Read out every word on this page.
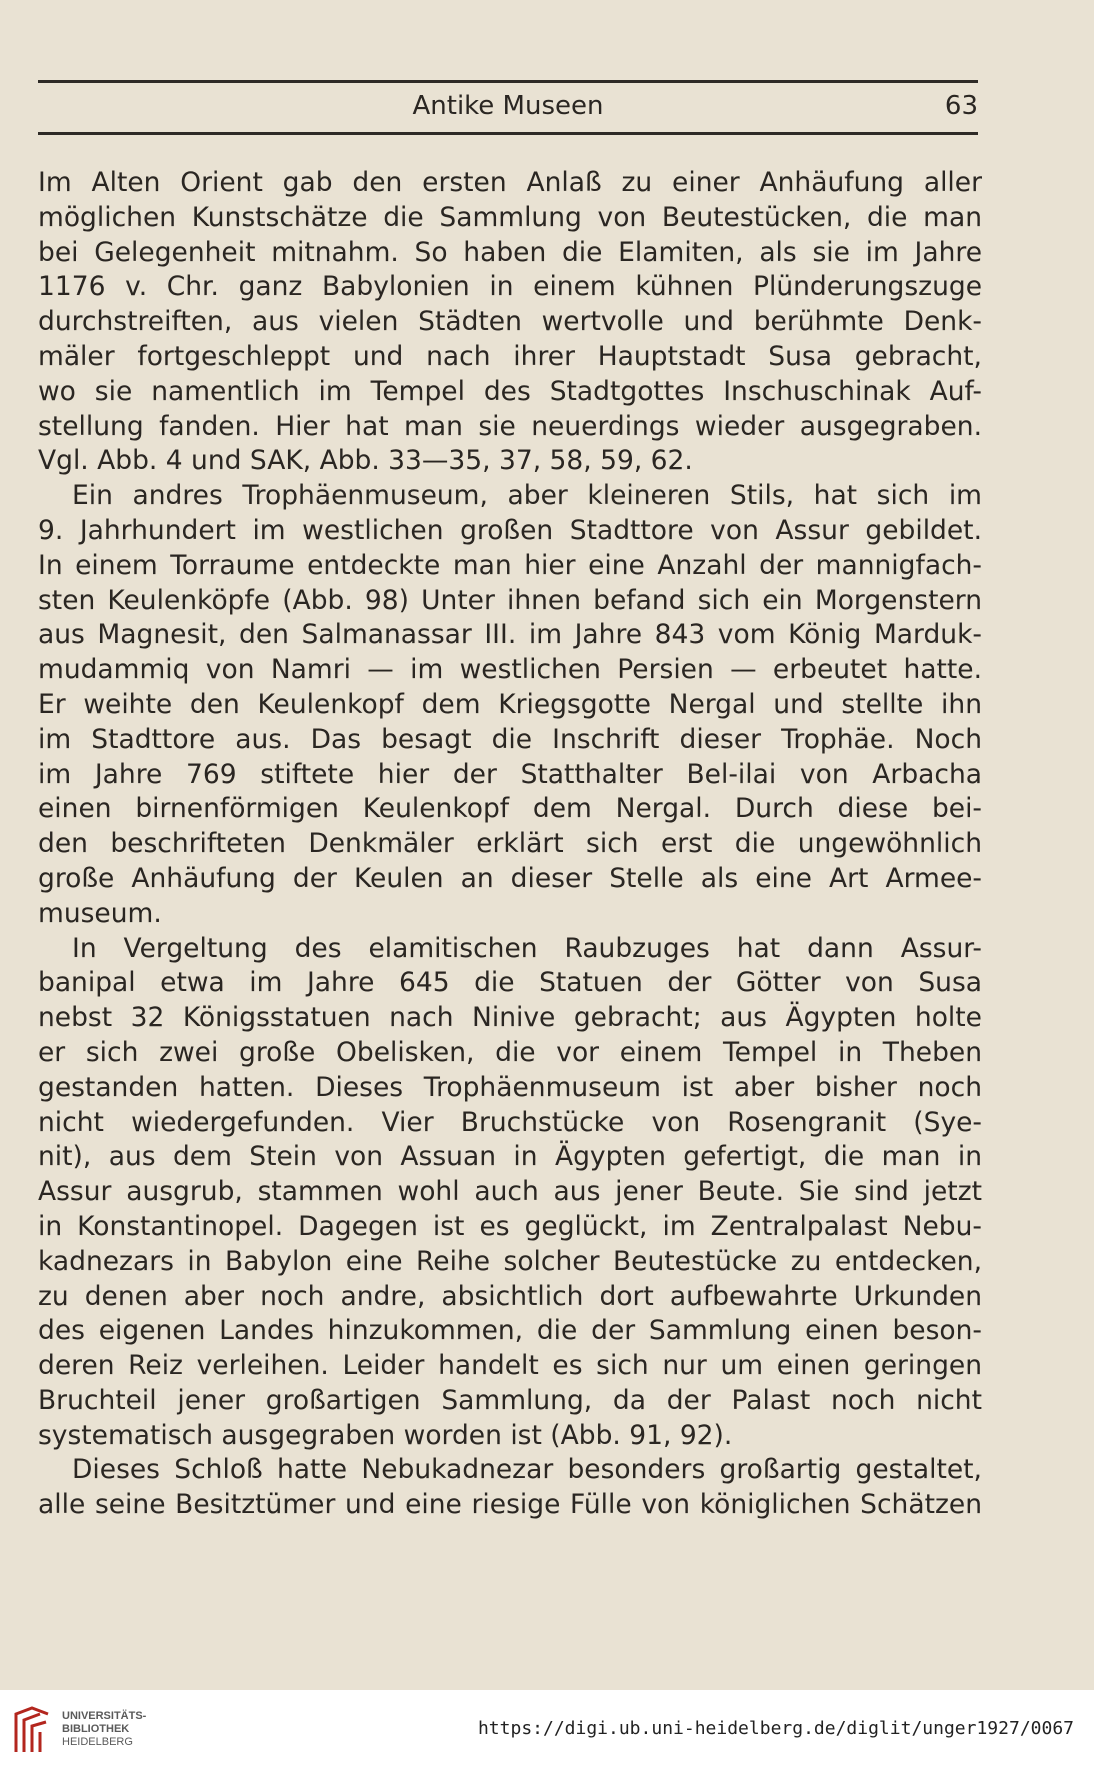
Antike Museen	63
Im Alten Orient gab den ersten Anlaß zu einer Anhäufung aller
möglichen Kunstschätze die Sammlung von Beutestücken, die man
bei Gelegenheit mitnahm. So haben die Elamiten, als sie im Jahre
1176 v. Chr. ganz Babylonien in einem kühnen Plünderungszuge
durchstreiften, aus vielen Städten wertvolle und berühmte Denk-
mäler fortgeschleppt und nach ihrer Hauptstadt Susa gebracht,
wo sie namentlich im Tempel des Stadtgottes Inschuschinak Auf-
stellung fanden. Hier hat man sie neuerdings wieder ausgegraben.
Vgl. Abb. 4 und SAK, Abb. 33—35, 37, 58, 59, 62.
Ein andres Trophäenmuseum, aber kleineren Stils, hat sich im
9. Jahrhundert im westlichen großen Stadttore von Assur gebildet.
In einem Torraume entdeckte man hier eine Anzahl der mannigfach-
sten Keulenköpfe (Abb. 98) Unter ihnen befand sich ein Morgenstern
aus Magnesit, den Salmanassar III. im Jahre 843 vom König Marduk-
mudammiq von Namri — im westlichen Persien — erbeutet hatte.
Er weihte den Keulenkopf dem Kriegsgotte Nergal und stellte ihn
im Stadttore aus. Das besagt die Inschrift dieser Trophäe. Noch
im Jahre 769 stiftete hier der Statthalter Bel-ilai von Arbacha
einen birnenförmigen Keulenkopf dem Nergal. Durch diese bei-
den beschrifteten Denkmäler erklärt sich erst die ungewöhnlich
große Anhäufung der Keulen an dieser Stelle als eine Art Armee-
museum.
In Vergeltung des elamitischen Raubzuges hat dann Assur-
banipal etwa im Jahre 645 die Statuen der Götter von Susa
nebst 32 Königsstatuen nach Ninive gebracht; aus Ägypten holte
er sich zwei große Obelisken, die vor einem Tempel in Theben
gestanden hatten. Dieses Trophäenmuseum ist aber bisher noch
nicht wiedergefunden. Vier Bruchstücke von Rosengranit (Sye-
nit), aus dem Stein von Assuan in Ägypten gefertigt, die man in
Assur ausgrub, stammen wohl auch aus jener Beute. Sie sind jetzt
in Konstantinopel. Dagegen ist es geglückt, im Zentralpalast Nebu-
kadnezars in Babylon eine Reihe solcher Beutestücke zu entdecken,
zu denen aber noch andre, absichtlich dort aufbewahrte Urkunden
des eigenen Landes hinzukommen, die der Sammlung einen beson-
deren Reiz verleihen. Leider handelt es sich nur um einen geringen
Bruchteil jener großartigen Sammlung, da der Palast noch nicht
systematisch ausgegraben worden ist (Abb. 91, 92).
Dieses Schloß hatte Nebukadnezar besonders großartig gestaltet,
alle seine Besitztümer und eine riesige Fülle von königlichen Schätzen
UNIVERSITÄTS-
BIBLIOTHEK
HEIDELBERG
https://digi.ub.uni-heidelberg.de/diglit/unger1927/0067
